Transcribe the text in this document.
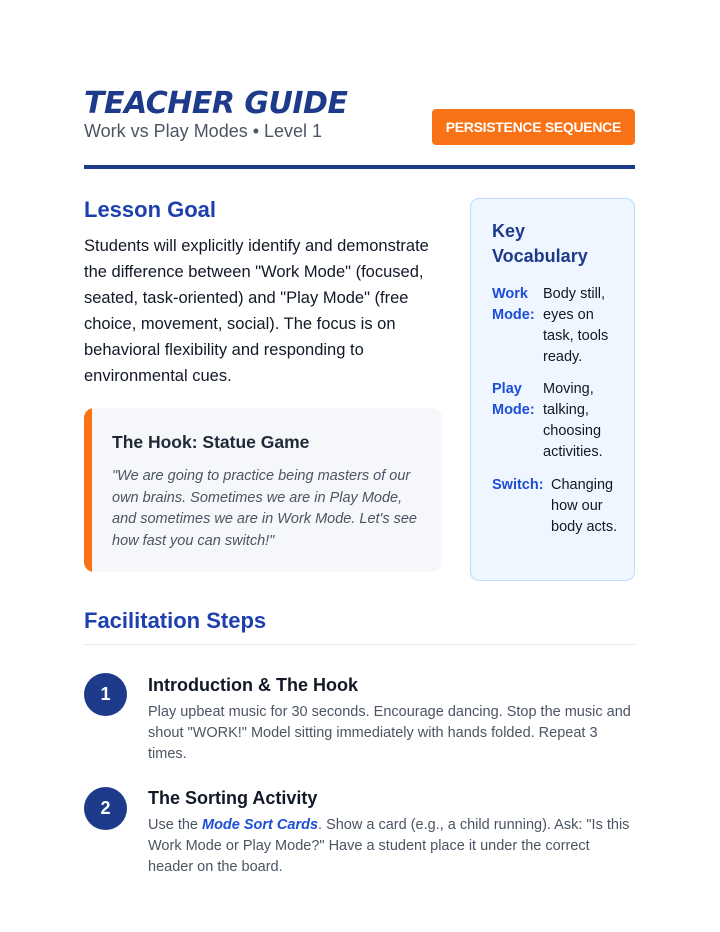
TEACHER GUIDE
Work vs Play Modes • Level 1	PERSISTENCE SEQUENCE
Lesson Goal
Students will explicitly identify and demonstrate the difference between "Work Mode" (focused, seated, task-oriented) and "Play Mode" (free choice, movement, social). The focus is on behavioral flexibility and responding to environmental cues.
The Hook: Statue Game
"We are going to practice being masters of our own brains. Sometimes we are in Play Mode, and sometimes we are in Work Mode. Let's see how fast you can switch!"
Key Vocabulary
Work Mode:
Body still, eyes on task, tools ready.
Play Mode:
Moving, talking, choosing activities.
Switch: Changing how our body acts.
Facilitation Steps
1	Introduction & The Hook
Play upbeat music for 30 seconds. Encourage dancing. Stop the music and shout "WORK!" Model sitting immediately with hands folded. Repeat 3 times.
2	The Sorting Activity
Use the Mode Sort Cards. Show a card (e.g., a child running). Ask: "Is this Work Mode or Play Mode?" Have a student place it under the correct header on the board.
